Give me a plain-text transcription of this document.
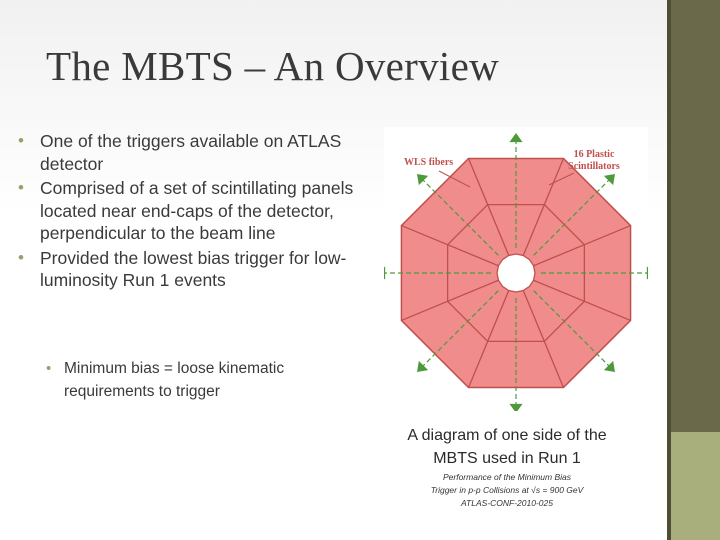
The MBTS – An Overview
• One of the triggers available on ATLAS detector
• Comprised of a set of scintillating panels located near end-caps of the detector, perpendicular to the beam line
• Provided the lowest bias trigger for low-luminosity Run 1 events
• Minimum bias = loose kinematic requirements to trigger
WLS fibers
16 Plastic
Scintillators
A diagram of one side of the
MBTS used in Run 1
Performance of the Minimum Bias
Trigger in p-p Collisions at √s = 900 GeV
ATLAS-CONF-2010-025
